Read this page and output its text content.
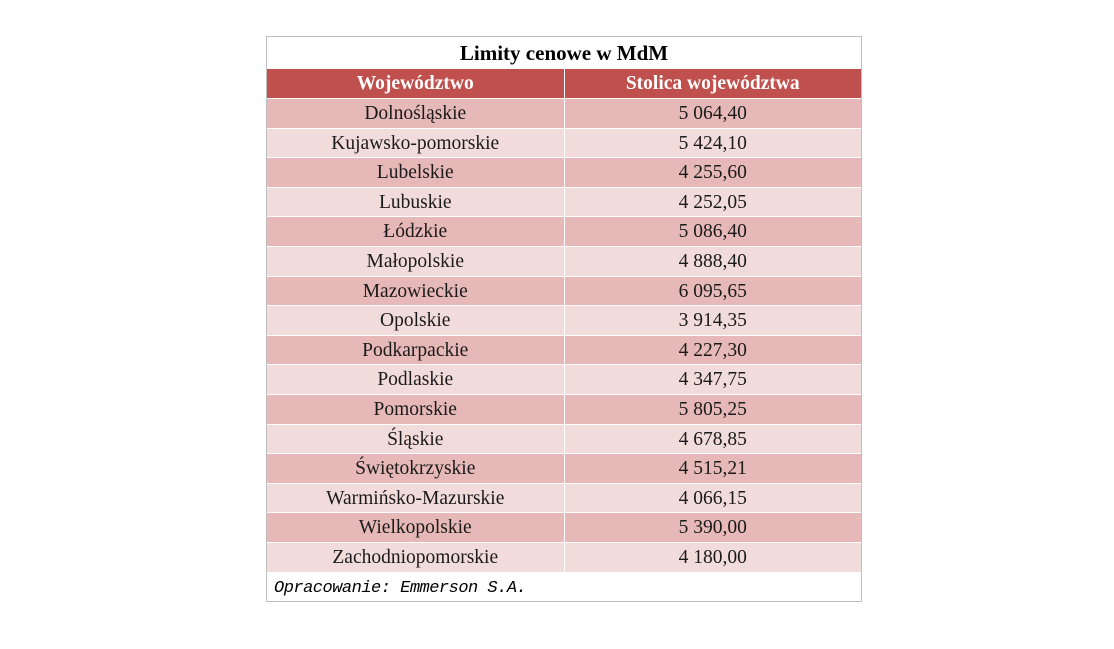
Limity cenowe w MdM
Województwo	Stolica województwa
Dolnośląskie	5 064,40
Kujawsko-pomorskie	5 424,10
Lubelskie	4 255,60
Lubuskie	4 252,05
Łódzkie	5 086,40
Małopolskie	4 888,40
Mazowieckie	6 095,65
Opolskie	3 914,35
Podkarpackie	4 227,30
Podlaskie	4 347,75
Pomorskie	5 805,25
Śląskie	4 678,85
Świętokrzyskie	4 515,21
Warmińsko-Mazurskie	4 066,15
Wielkopolskie	5 390,00
Zachodniopomorskie	4 180,00
Opracowanie: Emmerson S.A.
